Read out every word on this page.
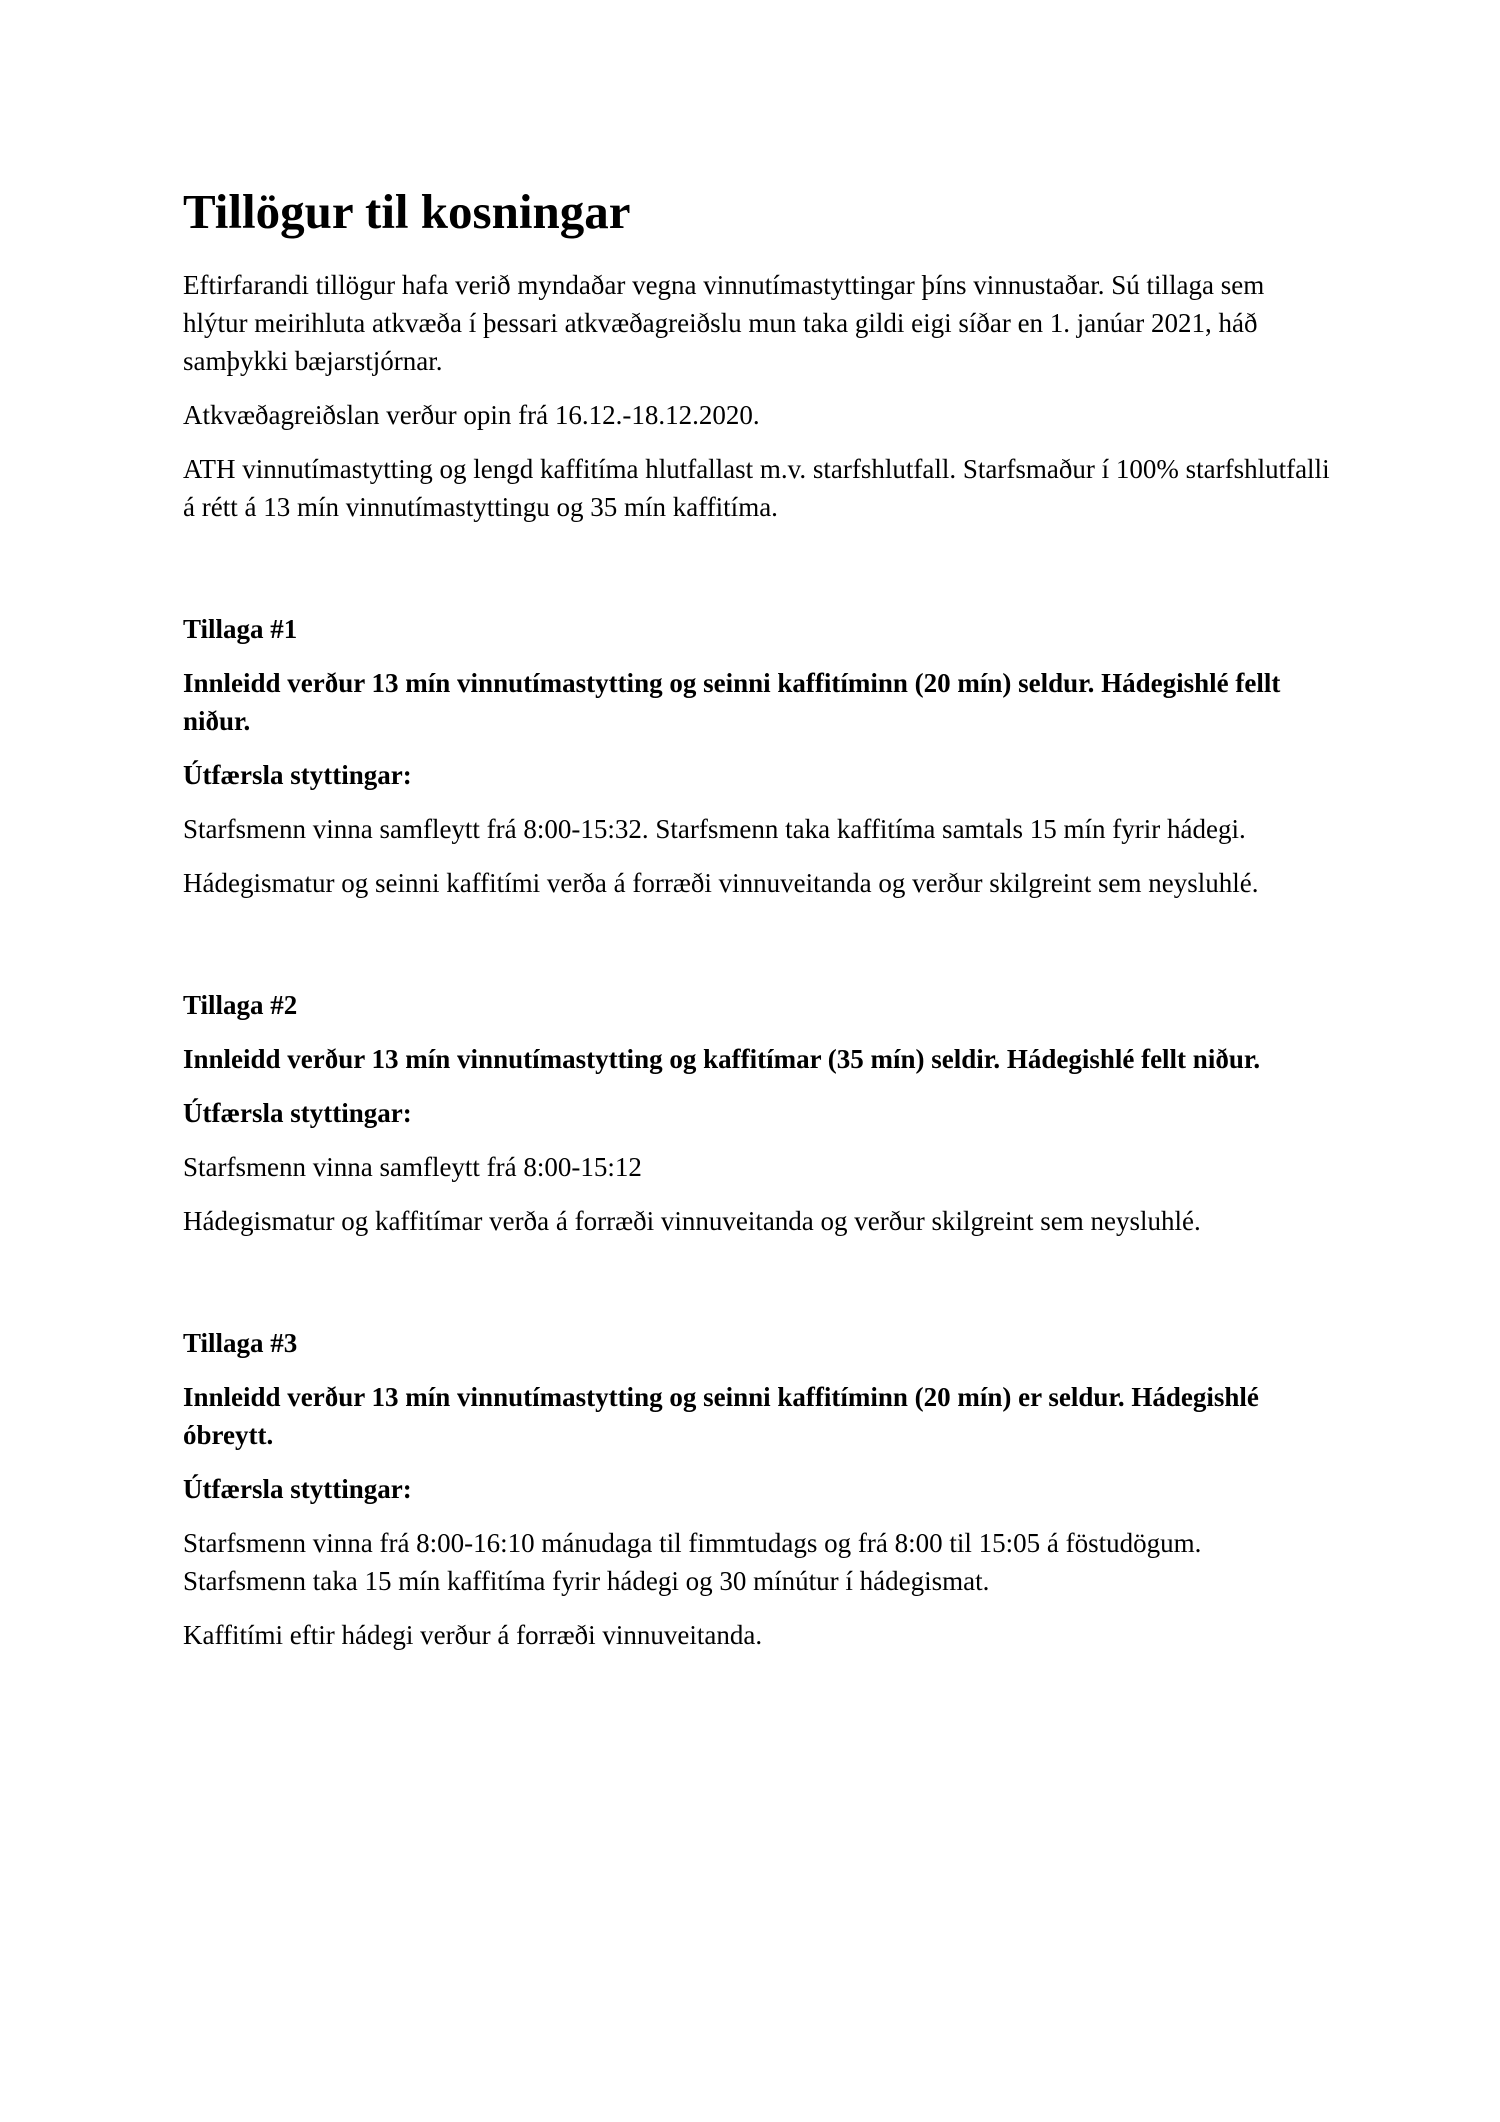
Tillögur til kosningar

Eftirfarandi tillögur hafa verið myndaðar vegna vinnutímastyttingar þíns vinnustaðar. Sú tillaga sem hlýtur meirihluta atkvæða í þessari atkvæðagreiðslu mun taka gildi eigi síðar en 1. janúar 2021, háð samþykki bæjarstjórnar.

Atkvæðagreiðslan verður opin frá 16.12.-18.12.2020.

ATH vinnutímastytting og lengd kaffitíma hlutfallast m.v. starfshlutfall. Starfsmaður í 100% starfshlutfalli á rétt á 13 mín vinnutímastyttingu og 35 mín kaffitíma.

Tillaga #1

Innleidd verður 13 mín vinnutímastytting og seinni kaffitíminn (20 mín) seldur. Hádegishlé fellt niður.

Útfærsla styttingar:

Starfsmenn vinna samfleytt frá 8:00-15:32. Starfsmenn taka kaffitíma samtals 15 mín fyrir hádegi.

Hádegismatur og seinni kaffitími verða á forræði vinnuveitanda og verður skilgreint sem neysluhlé.

Tillaga #2

Innleidd verður 13 mín vinnutímastytting og kaffitímar (35 mín) seldir. Hádegishlé fellt niður.

Útfærsla styttingar:

Starfsmenn vinna samfleytt frá 8:00-15:12

Hádegismatur og kaffitímar verða á forræði vinnuveitanda og verður skilgreint sem neysluhlé.

Tillaga #3

Innleidd verður 13 mín vinnutímastytting og seinni kaffitíminn (20 mín) er seldur. Hádegishlé óbreytt.

Útfærsla styttingar:

Starfsmenn vinna frá 8:00-16:10 mánudaga til fimmtudags og frá 8:00 til 15:05 á föstudögum. Starfsmenn taka 15 mín kaffitíma fyrir hádegi og 30 mínútur í hádegismat.

Kaffitími eftir hádegi verður á forræði vinnuveitanda.
